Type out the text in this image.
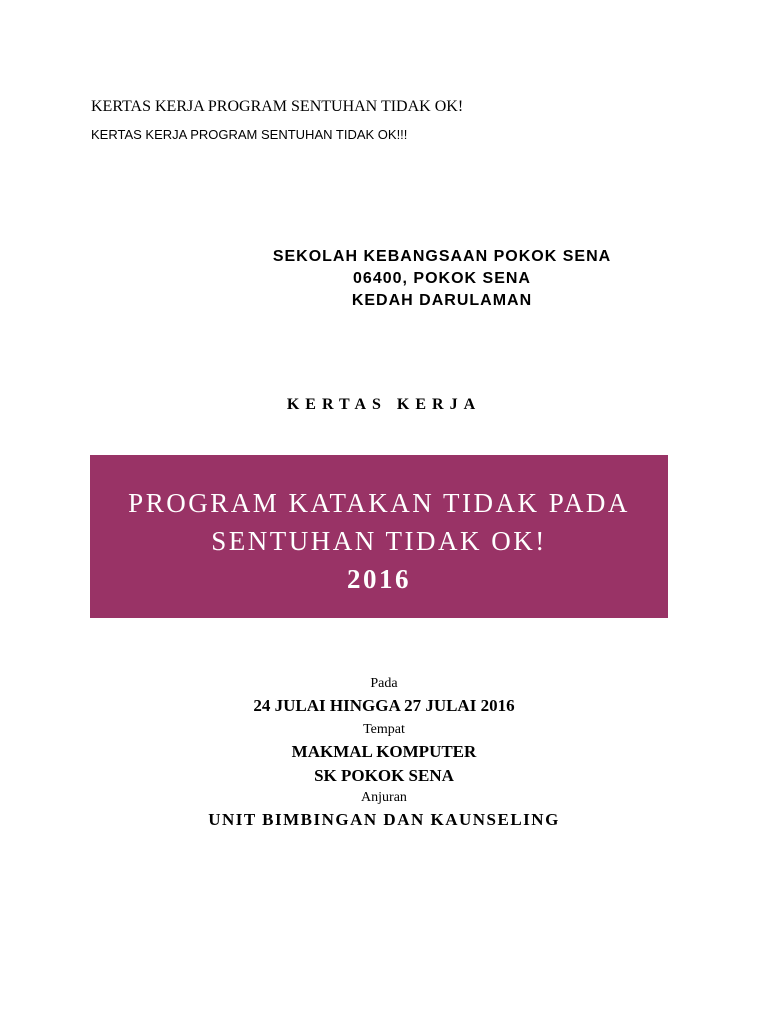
KERTAS KERJA PROGRAM SENTUHAN TIDAK OK!
KERTAS KERJA PROGRAM SENTUHAN TIDAK OK!!!
SEKOLAH KEBANGSAAN POKOK SENA
06400, POKOK SENA
KEDAH DARULAMAN
KERTAS KERJA
PROGRAM KATAKAN TIDAK PADA
SENTUHAN TIDAK OK!
2016
Pada
24 JULAI HINGGA 27 JULAI 2016
Tempat
MAKMAL KOMPUTER
SK POKOK SENA
Anjuran
UNIT BIMBINGAN DAN KAUNSELING
